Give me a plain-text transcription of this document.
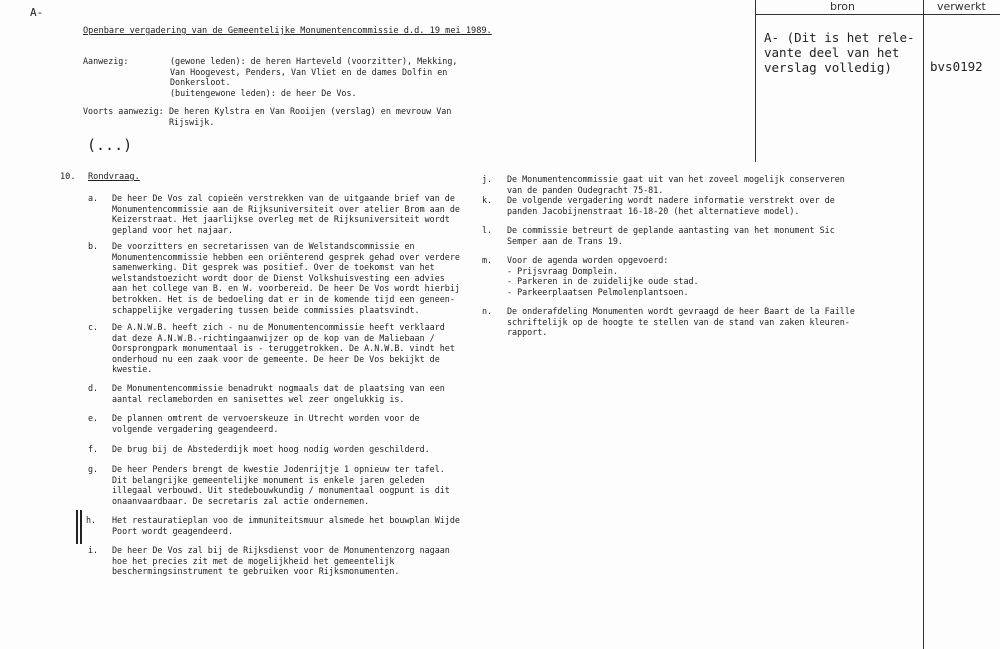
A-
Openbare vergadering van de Gemeentelijke Monumentencommissie d.d. 19 mei 1989.
Aanwezig:	(gewone leden): de heren Harteveld (voorzitter), Mekking,
Van Hoogevest, Penders, Van Vliet en de dames Dolfin en
Donkersloot.
(buitengewone leden): de heer De Vos.
Voorts aanwezig: De heren Kylstra en Van Rooijen (verslag) en mevrouw Van
Rijswijk.
(...)
10. Rondvraag.
a. De heer De Vos zal copieën verstrekken van de uitgaande brief van de
Monumentencommissie aan de Rijksuniversiteit over atelier Brom aan de
Keizerstraat. Het jaarlijkse overleg met de Rijksuniversiteit wordt
gepland voor het najaar.
b. De voorzitters en secretarissen van de Welstandscommissie en
Monumentencommissie hebben een oriënterend gesprek gehad over verdere
samenwerking. Dit gesprek was positief. Over de toekomst van het
welstandstoezicht wordt door de Dienst Volkshuisvesting een advies
aan het college van B. en W. voorbereid. De heer De Vos wordt hierbij
betrokken. Het is de bedoeling dat er in de komende tijd een geneen-
schappelijke vergadering tussen beide commissies plaatsvindt.
c. De A.N.W.B. heeft zich - nu de Monumentencommissie heeft verklaard
dat deze A.N.W.B.-richtingaanwijzer op de kop van de Maliebaan /
Oorsprongpark monumentaal is - teruggetrokken. De A.N.W.B. vindt het
onderhoud nu een zaak voor de gemeente. De heer De Vos bekijkt de
kwestie.
d. De Monumentencommissie benadrukt nogmaals dat de plaatsing van een
aantal reclameborden en sanisettes wel zeer ongelukkig is.
e. De plannen omtrent de vervoerskeuze in Utrecht worden voor de
volgende vergadering geagendeerd.
f. De brug bij de Abstederdijk moet hoog nodig worden geschilderd.
g. De heer Penders brengt de kwestie Jodenrijtje 1 opnieuw ter tafel.
Dit belangrijke gemeentelijke monument is enkele jaren geleden
illegaal verbouwd. Uit stedebouwkundig / monumentaal oogpunt is dit
onaanvaardbaar. De secretaris zal actie ondernemen.
h. Het restauratieplan voo de immuniteitsmuur alsmede het bouwplan Wijde
Poort wordt geagendeerd.
i. De heer De Vos zal bij de Rijksdienst voor de Monumentenzorg nagaan
hoe het precies zit met de mogelijkheid het gemeentelijk
beschermingsinstrument te gebruiken voor Rijksmonumenten.
j. De Monumentencommissie gaat uit van het zoveel mogelijk conserveren
van de panden Oudegracht 75-81.
k. De volgende vergadering wordt nadere informatie verstrekt over de
panden Jacobijnenstraat 16-18-20 (het alternatieve model).
l. De commissie betreurt de geplande aantasting van het monument Sic
Semper aan de Trans 19.
m. Voor de agenda worden opgevoerd:
- Prijsvraag Domplein.
- Parkeren in de zuidelijke oude stad.
- Parkeerplaatsen Pelmolenplantsoen.
n. De onderafdeling Monumenten wordt gevraagd de heer Baart de la Faille
schriftelijk op de hoogte te stellen van de stand van zaken kleuren-
rapport.
bron	verwerkt
A- (Dit is het rele-
vante deel van het
verslag volledig)	bvs0192
